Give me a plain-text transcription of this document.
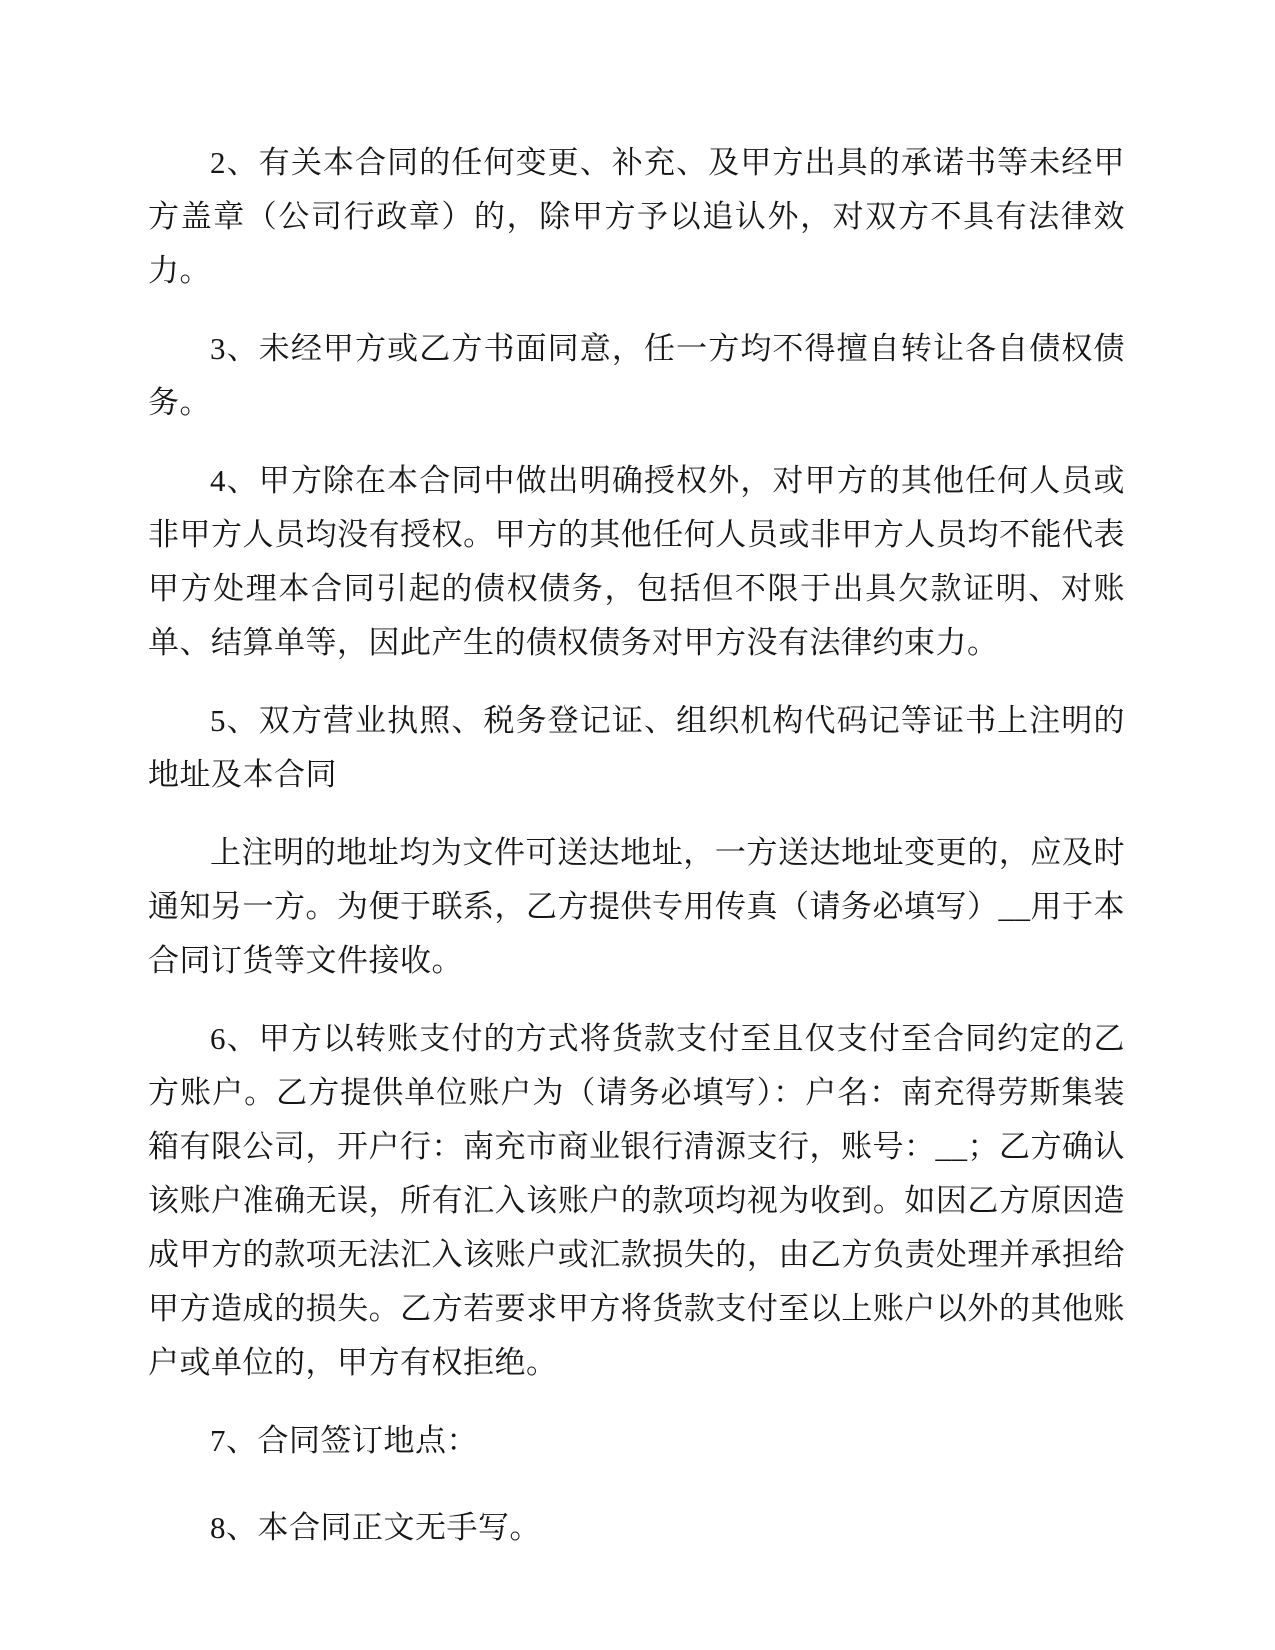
2、有关本合同的任何变更、补充、及甲方出具的承诺书等未经甲方盖章（公司行政章）的，除甲方予以追认外，对双方不具有法律效力。

3、未经甲方或乙方书面同意，任一方均不得擅自转让各自债权债务。

4、甲方除在本合同中做出明确授权外，对甲方的其他任何人员或非甲方人员均没有授权。甲方的其他任何人员或非甲方人员均不能代表甲方处理本合同引起的债权债务，包括但不限于出具欠款证明、对账单、结算单等，因此产生的债权债务对甲方没有法律约束力。

5、双方营业执照、税务登记证、组织机构代码记等证书上注明的地址及本合同

上注明的地址均为文件可送达地址，一方送达地址变更的，应及时通知另一方。为便于联系，乙方提供专用传真（请务必填写）__用于本合同订货等文件接收。

6、甲方以转账支付的方式将货款支付至且仅支付至合同约定的乙方账户。乙方提供单位账户为（请务必填写）：户名：南充得劳斯集装箱有限公司，开户行：南充市商业银行清源支行，账号：__；乙方确认该账户准确无误，所有汇入该账户的款项均视为收到。如因乙方原因造成甲方的款项无法汇入该账户或汇款损失的，由乙方负责处理并承担给甲方造成的损失。乙方若要求甲方将货款支付至以上账户以外的其他账户或单位的，甲方有权拒绝。

7、合同签订地点：

8、本合同正文无手写。
